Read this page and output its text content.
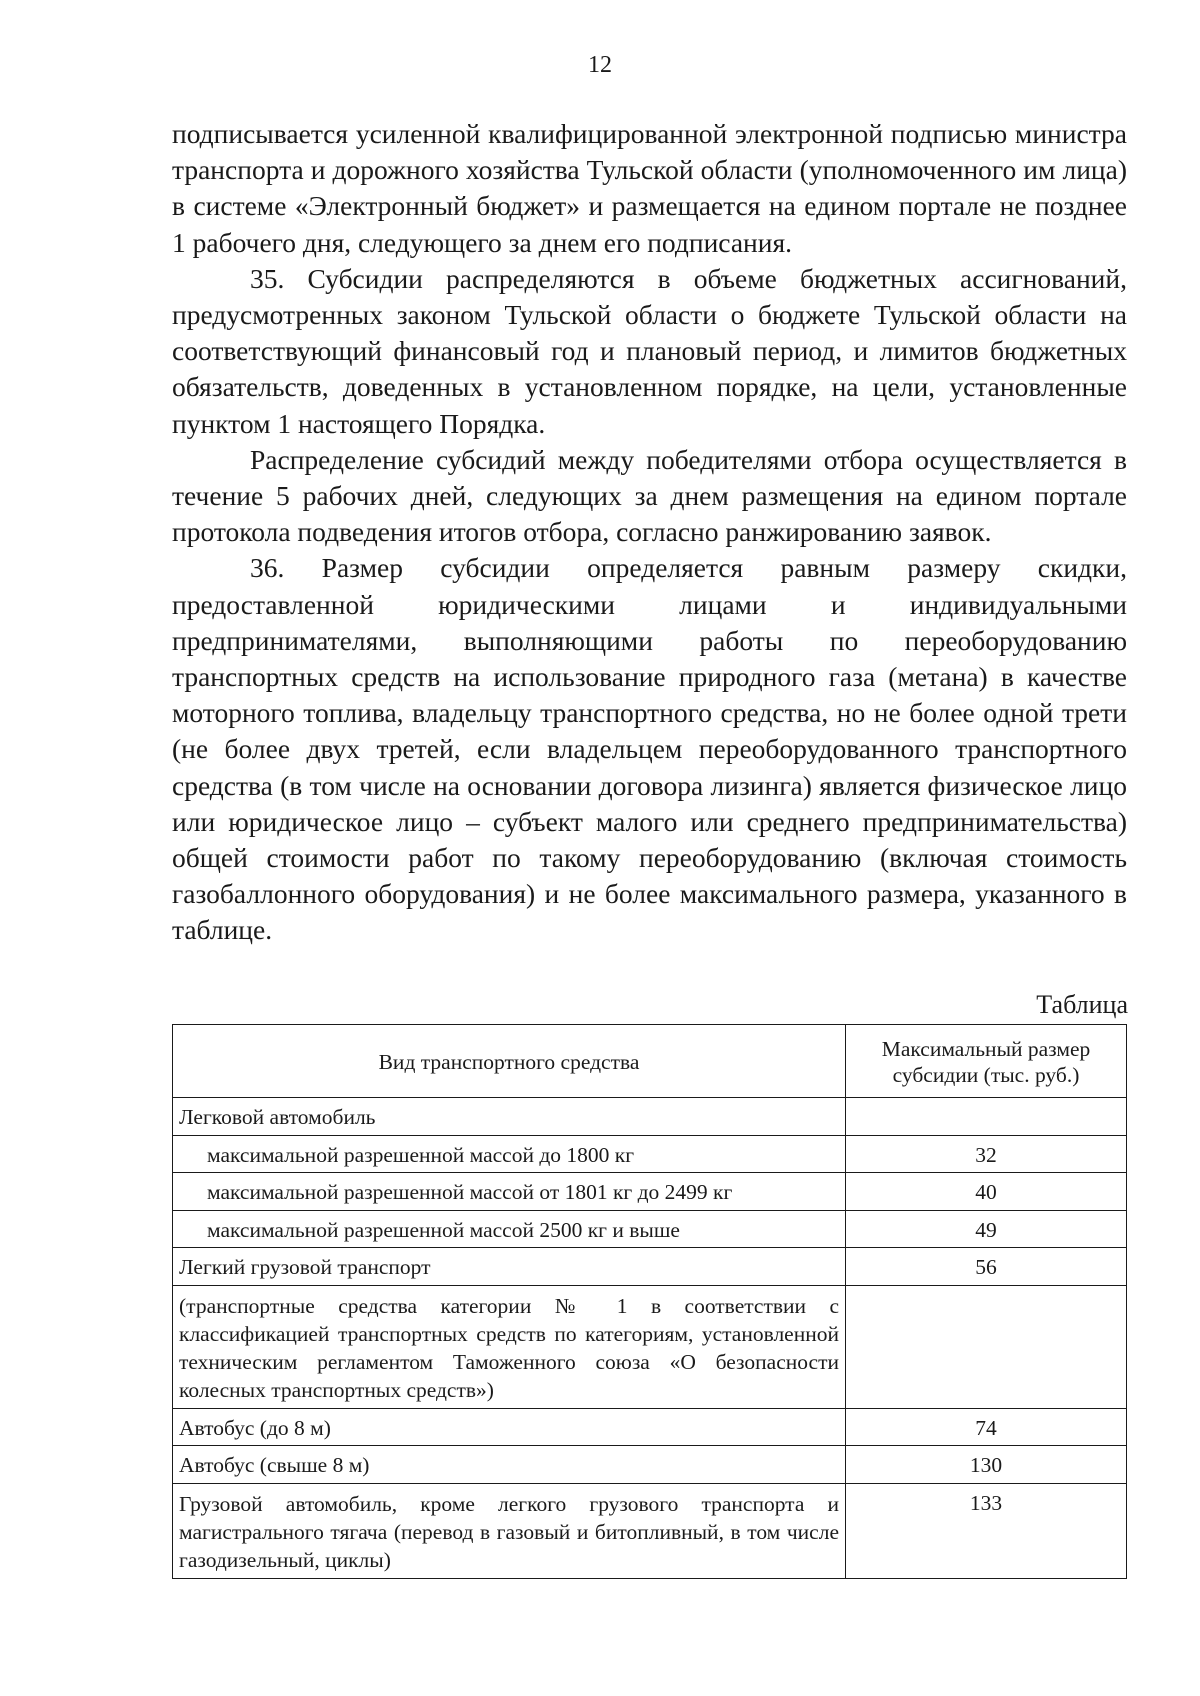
12

подписывается усиленной квалифицированной электронной подписью министра транспорта и дорожного хозяйства Тульской области (уполномоченного им лица) в системе «Электронный бюджет» и размещается на едином портале не позднее 1 рабочего дня, следующего за днем его подписания.

35. Субсидии распределяются в объеме бюджетных ассигнований, предусмотренных законом Тульской области о бюджете Тульской области на соответствующий финансовый год и плановый период, и лимитов бюджетных обязательств, доведенных в установленном порядке, на цели, установленные пунктом 1 настоящего Порядка.

Распределение субсидий между победителями отбора осуществляется в течение 5 рабочих дней, следующих за днем размещения на едином портале протокола подведения итогов отбора, согласно ранжированию заявок.

36. Размер субсидии определяется равным размеру скидки, предоставленной юридическими лицами и индивидуальными предпринимателями, выполняющими работы по переоборудованию транспортных средств на использование природного газа (метана) в качестве моторного топлива, владельцу транспортного средства, но не более одной трети (не более двух третей, если владельцем переоборудованного транспортного средства (в том числе на основании договора лизинга) является физическое лицо или юридическое лицо – субъект малого или среднего предпринимательства) общей стоимости работ по такому переоборудованию (включая стоимость газобаллонного оборудования) и не более максимального размера, указанного в таблице.

Таблица
Вид транспортного средства	Максимальный размер субсидии (тыс. руб.)
Легковой автомобиль	
максимальной разрешенной массой до 1800 кг	32
максимальной разрешенной массой от 1801 кг до 2499 кг	40
максимальной разрешенной массой 2500 кг и выше	49
Легкий грузовой транспорт	56
(транспортные средства категории № 1 в соответствии с классификацией транспортных средств по категориям, установленной техническим регламентом Таможенного союза «О безопасности колесных транспортных средств»)	
Автобус (до 8 м)	74
Автобус (свыше 8 м)	130
Грузовой автомобиль, кроме легкого грузового транспорта и магистрального тягача (перевод в газовый и битопливный, в том числе газодизельный, циклы)	133
